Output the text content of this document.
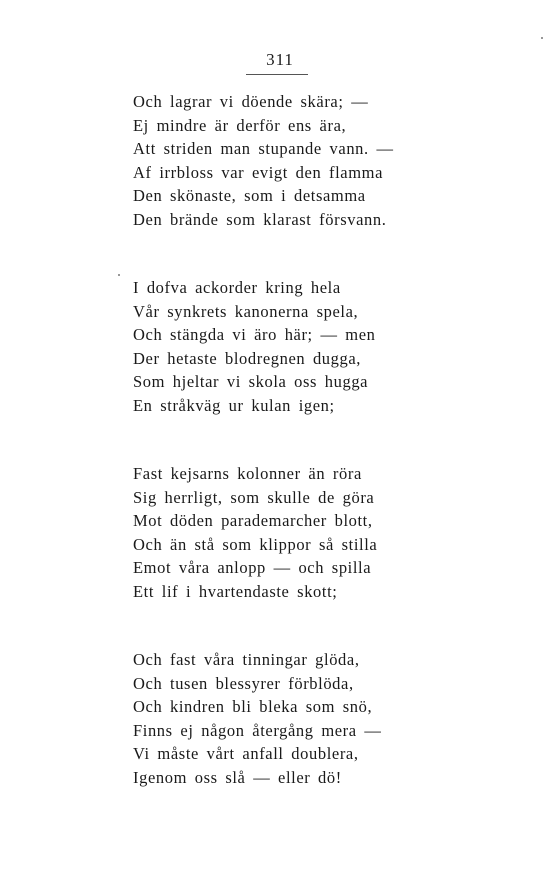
311
Och lagrar vi döende skära; —
Ej mindre är derför ens ära,
Att striden man stupande vann. —
Af irrbloss var evigt den flamma
Den skönaste, som i detsamma
Den brände som klarast försvann.
I dofva ackorder kring hela
Vår synkrets kanonerna spela,
Och stängda vi äro här; — men
Der hetaste blodregnen dugga,
Som hjeltar vi skola oss hugga
En stråkväg ur kulan igen;
Fast kejsarns kolonner än röra
Sig herrligt, som skulle de göra
Mot döden parademarcher blott,
Och än stå som klippor så stilla
Emot våra anlopp — och spilla
Ett lif i hvartendaste skott;
Och fast våra tinningar glöda,
Och tusen blessyrer förblöda,
Och kindren bli bleka som snö,
Finns ej någon återgång mera —
Vi måste vårt anfall doublera,
Igenom oss slå — eller dö!
